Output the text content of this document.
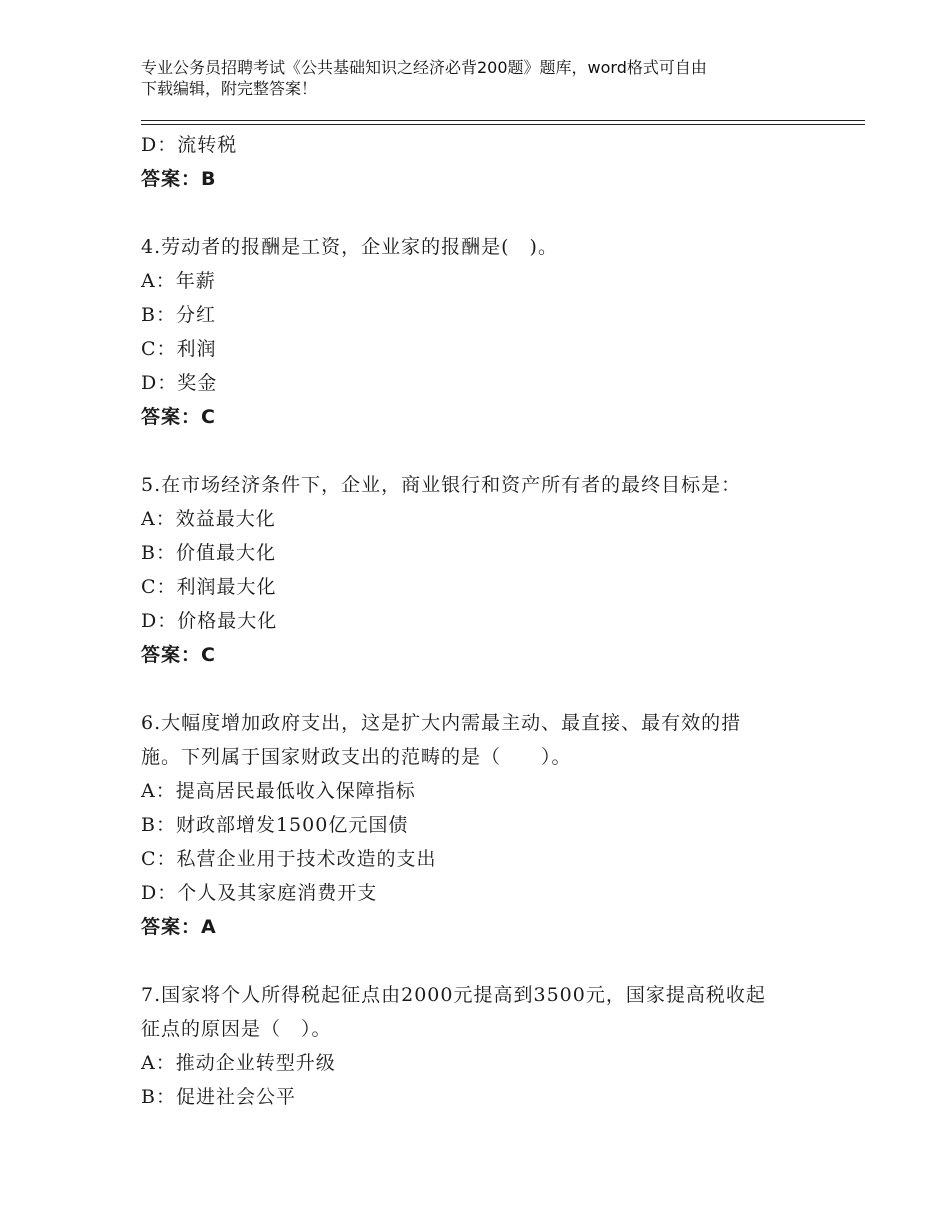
专业公务员招聘考试《公共基础知识之经济必背200题》题库，word格式可自由
下载编辑，附完整答案！
D：流转税
答案：B
4.劳动者的报酬是工资，企业家的报酬是(　)。
A：年薪
B：分红
C：利润
D：奖金
答案：C
5.在市场经济条件下，企业，商业银行和资产所有者的最终目标是：
A：效益最大化
B：价值最大化
C：利润最大化
D：价格最大化
答案：C
6.大幅度增加政府支出，这是扩大内需最主动、最直接、最有效的措
施。下列属于国家财政支出的范畴的是（　　）。
A：提高居民最低收入保障指标
B：财政部增发1500亿元国债
C：私营企业用于技术改造的支出
D：个人及其家庭消费开支
答案：A
7.国家将个人所得税起征点由2000元提高到3500元，国家提高税收起
征点的原因是（　）。
A：推动企业转型升级
B：促进社会公平
